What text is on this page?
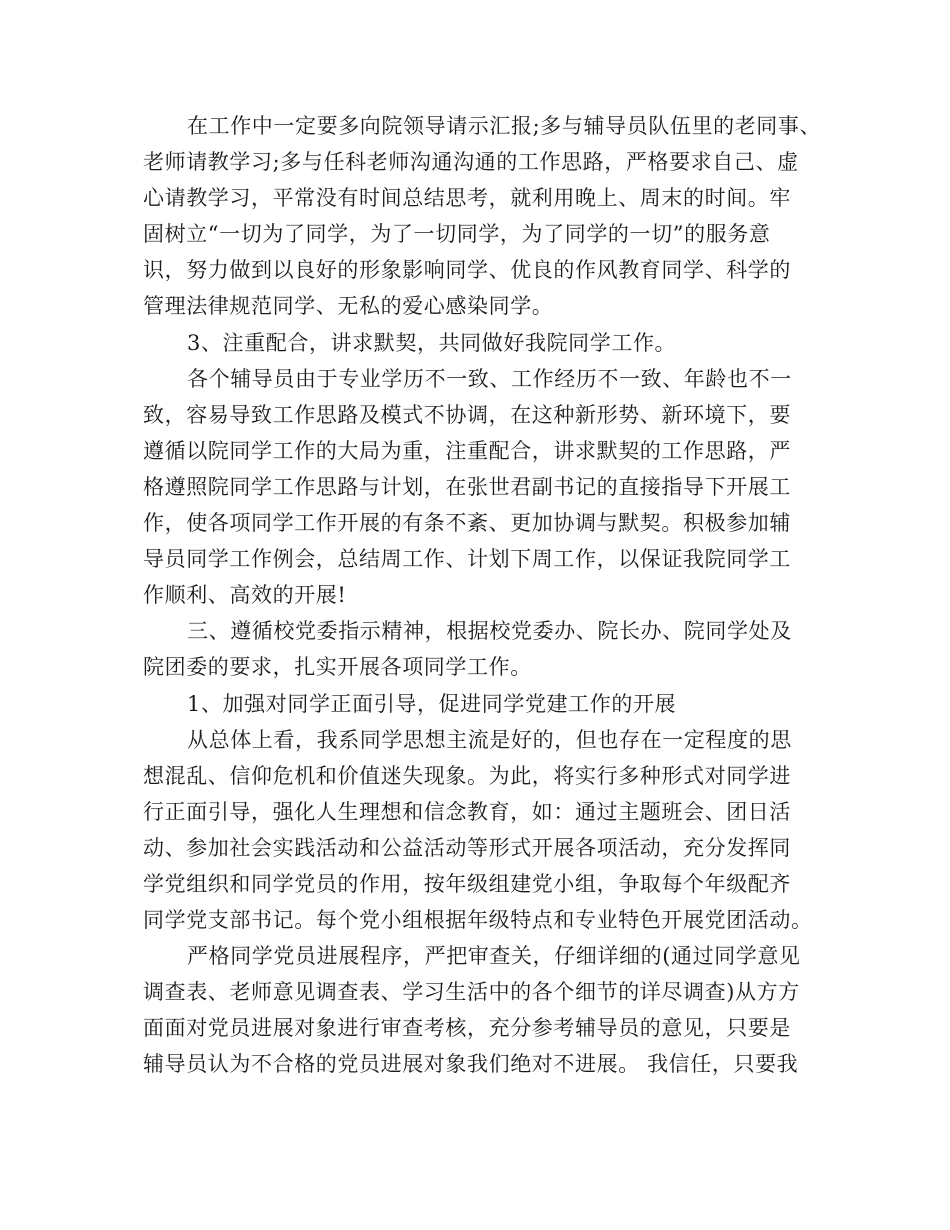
在工作中一定要多向院领导请示汇报;多与辅导员队伍里的老同事、
老师请教学习;多与任科老师沟通沟通的工作思路，严格要求自己、虚
心请教学习，平常没有时间总结思考，就利用晚上、周末的时间。牢
固树立“一切为了同学，为了一切同学，为了同学的一切”的服务意
识，努力做到以良好的形象影响同学、优良的作风教育同学、科学的
管理法律规范同学、无私的爱心感染同学。
3、注重配合，讲求默契，共同做好我院同学工作。
各个辅导员由于专业学历不一致、工作经历不一致、年龄也不一
致，容易导致工作思路及模式不协调，在这种新形势、新环境下，要
遵循以院同学工作的大局为重，注重配合，讲求默契的工作思路，严
格遵照院同学工作思路与计划，在张世君副书记的直接指导下开展工
作，使各项同学工作开展的有条不紊、更加协调与默契。积极参加辅
导员同学工作例会，总结周工作、计划下周工作，以保证我院同学工
作顺利、高效的开展!
三、遵循校党委指示精神，根据校党委办、院长办、院同学处及
院团委的要求，扎实开展各项同学工作。
1、加强对同学正面引导，促进同学党建工作的开展
从总体上看，我系同学思想主流是好的，但也存在一定程度的思
想混乱、信仰危机和价值迷失现象。为此，将实行多种形式对同学进
行正面引导，强化人生理想和信念教育，如：通过主题班会、团日活
动、参加社会实践活动和公益活动等形式开展各项活动，充分发挥同
学党组织和同学党员的作用，按年级组建党小组，争取每个年级配齐
同学党支部书记。每个党小组根据年级特点和专业特色开展党团活动。
严格同学党员进展程序，严把审查关，仔细详细的(通过同学意见
调查表、老师意见调查表、学习生活中的各个细节的详尽调查)从方方
面面对党员进展对象进行审查考核，充分参考辅导员的意见，只要是
辅导员认为不合格的党员进展对象我们绝对不进展。 我信任，只要我
